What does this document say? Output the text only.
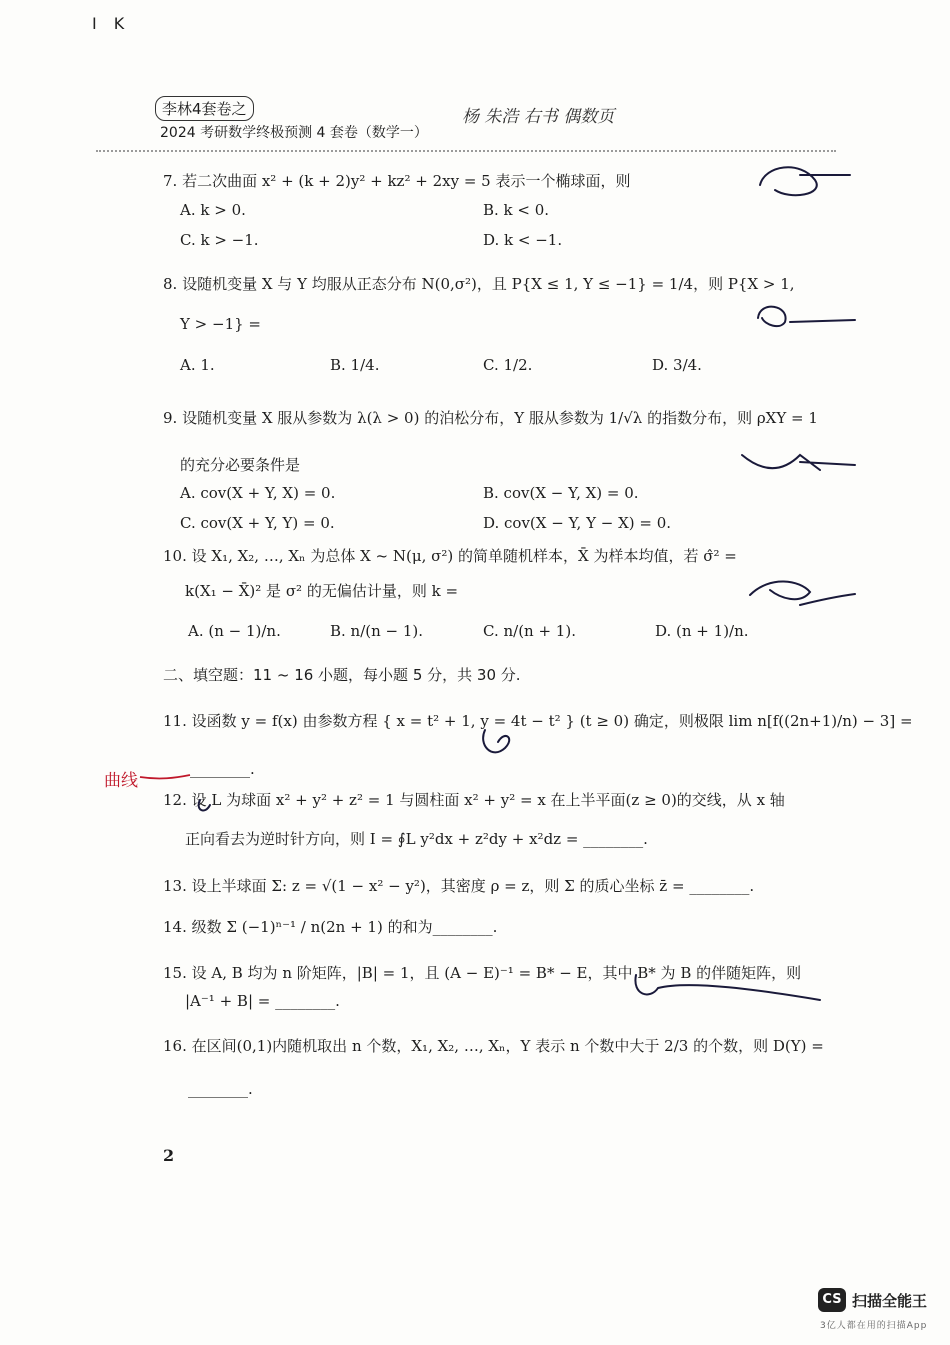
I K
李林4套卷之
2024 考研数学终极预测 4 套卷（数学一）
杨 朱浩 右书 偶数页
7. 若二次曲面 x² + (k + 2)y² + kz² + 2xy = 5 表示一个椭球面，则
A. k > 0.	B. k < 0.
C. k > −1.	D. k < −1.
8. 设随机变量 X 与 Y 均服从正态分布 N(0,σ²)，且 P{X ≤ 1, Y ≤ −1} = 1/4，则 P{X > 1,
Y > −1} =
A. 1.	B. 1/4.	C. 1/2.	D. 3/4.
9. 设随机变量 X 服从参数为 λ(λ > 0) 的泊松分布，Y 服从参数为 1/√λ 的指数分布，则 ρXY = 1
的充分必要条件是
A. cov(X + Y, X) = 0.	B. cov(X − Y, X) = 0.
C. cov(X + Y, Y) = 0.	D. cov(X − Y, Y − X) = 0.
10. 设 X₁, X₂, …, Xₙ 为总体 X ~ N(μ, σ²) 的简单随机样本，X̄ 为样本均值，若 σ̂² =
k(X₁ − X̄)² 是 σ² 的无偏估计量，则 k =
A. (n − 1)/n.	B. n/(n − 1).	C. n/(n + 1).	D. (n + 1)/n.
二、填空题：11 ~ 16 小题，每小题 5 分，共 30 分.
11. 设函数 y = f(x) 由参数方程 { x = t² + 1, y = 4t − t² } (t ≥ 0) 确定，则极限 lim n[f((2n+1)/n) − 3] =
________.
12. 设 L 为球面 x² + y² + z² = 1 与圆柱面 x² + y² = x 在上半平面(z ≥ 0)的交线，从 x 轴
正向看去为逆时针方向，则 I = ∮L y²dx + z²dy + x²dz = ________.
13. 设上半球面 Σ: z = √(1 − x² − y²)，其密度 ρ = z，则 Σ 的质心坐标 z̄ = ________.
14. 级数 Σ (−1)ⁿ⁻¹ / n(2n + 1) 的和为________.
15. 设 A, B 均为 n 阶矩阵，|B| = 1，且 (A − E)⁻¹ = B* − E，其中 B* 为 B 的伴随矩阵，则
|A⁻¹ + B| = ________.
16. 在区间(0,1)内随机取出 n 个数，X₁, X₂, …, Xₙ，Y 表示 n 个数中大于 2/3 的个数，则 D(Y) =
________.
曲线
2
CS 扫描全能王
3亿人都在用的扫描App
